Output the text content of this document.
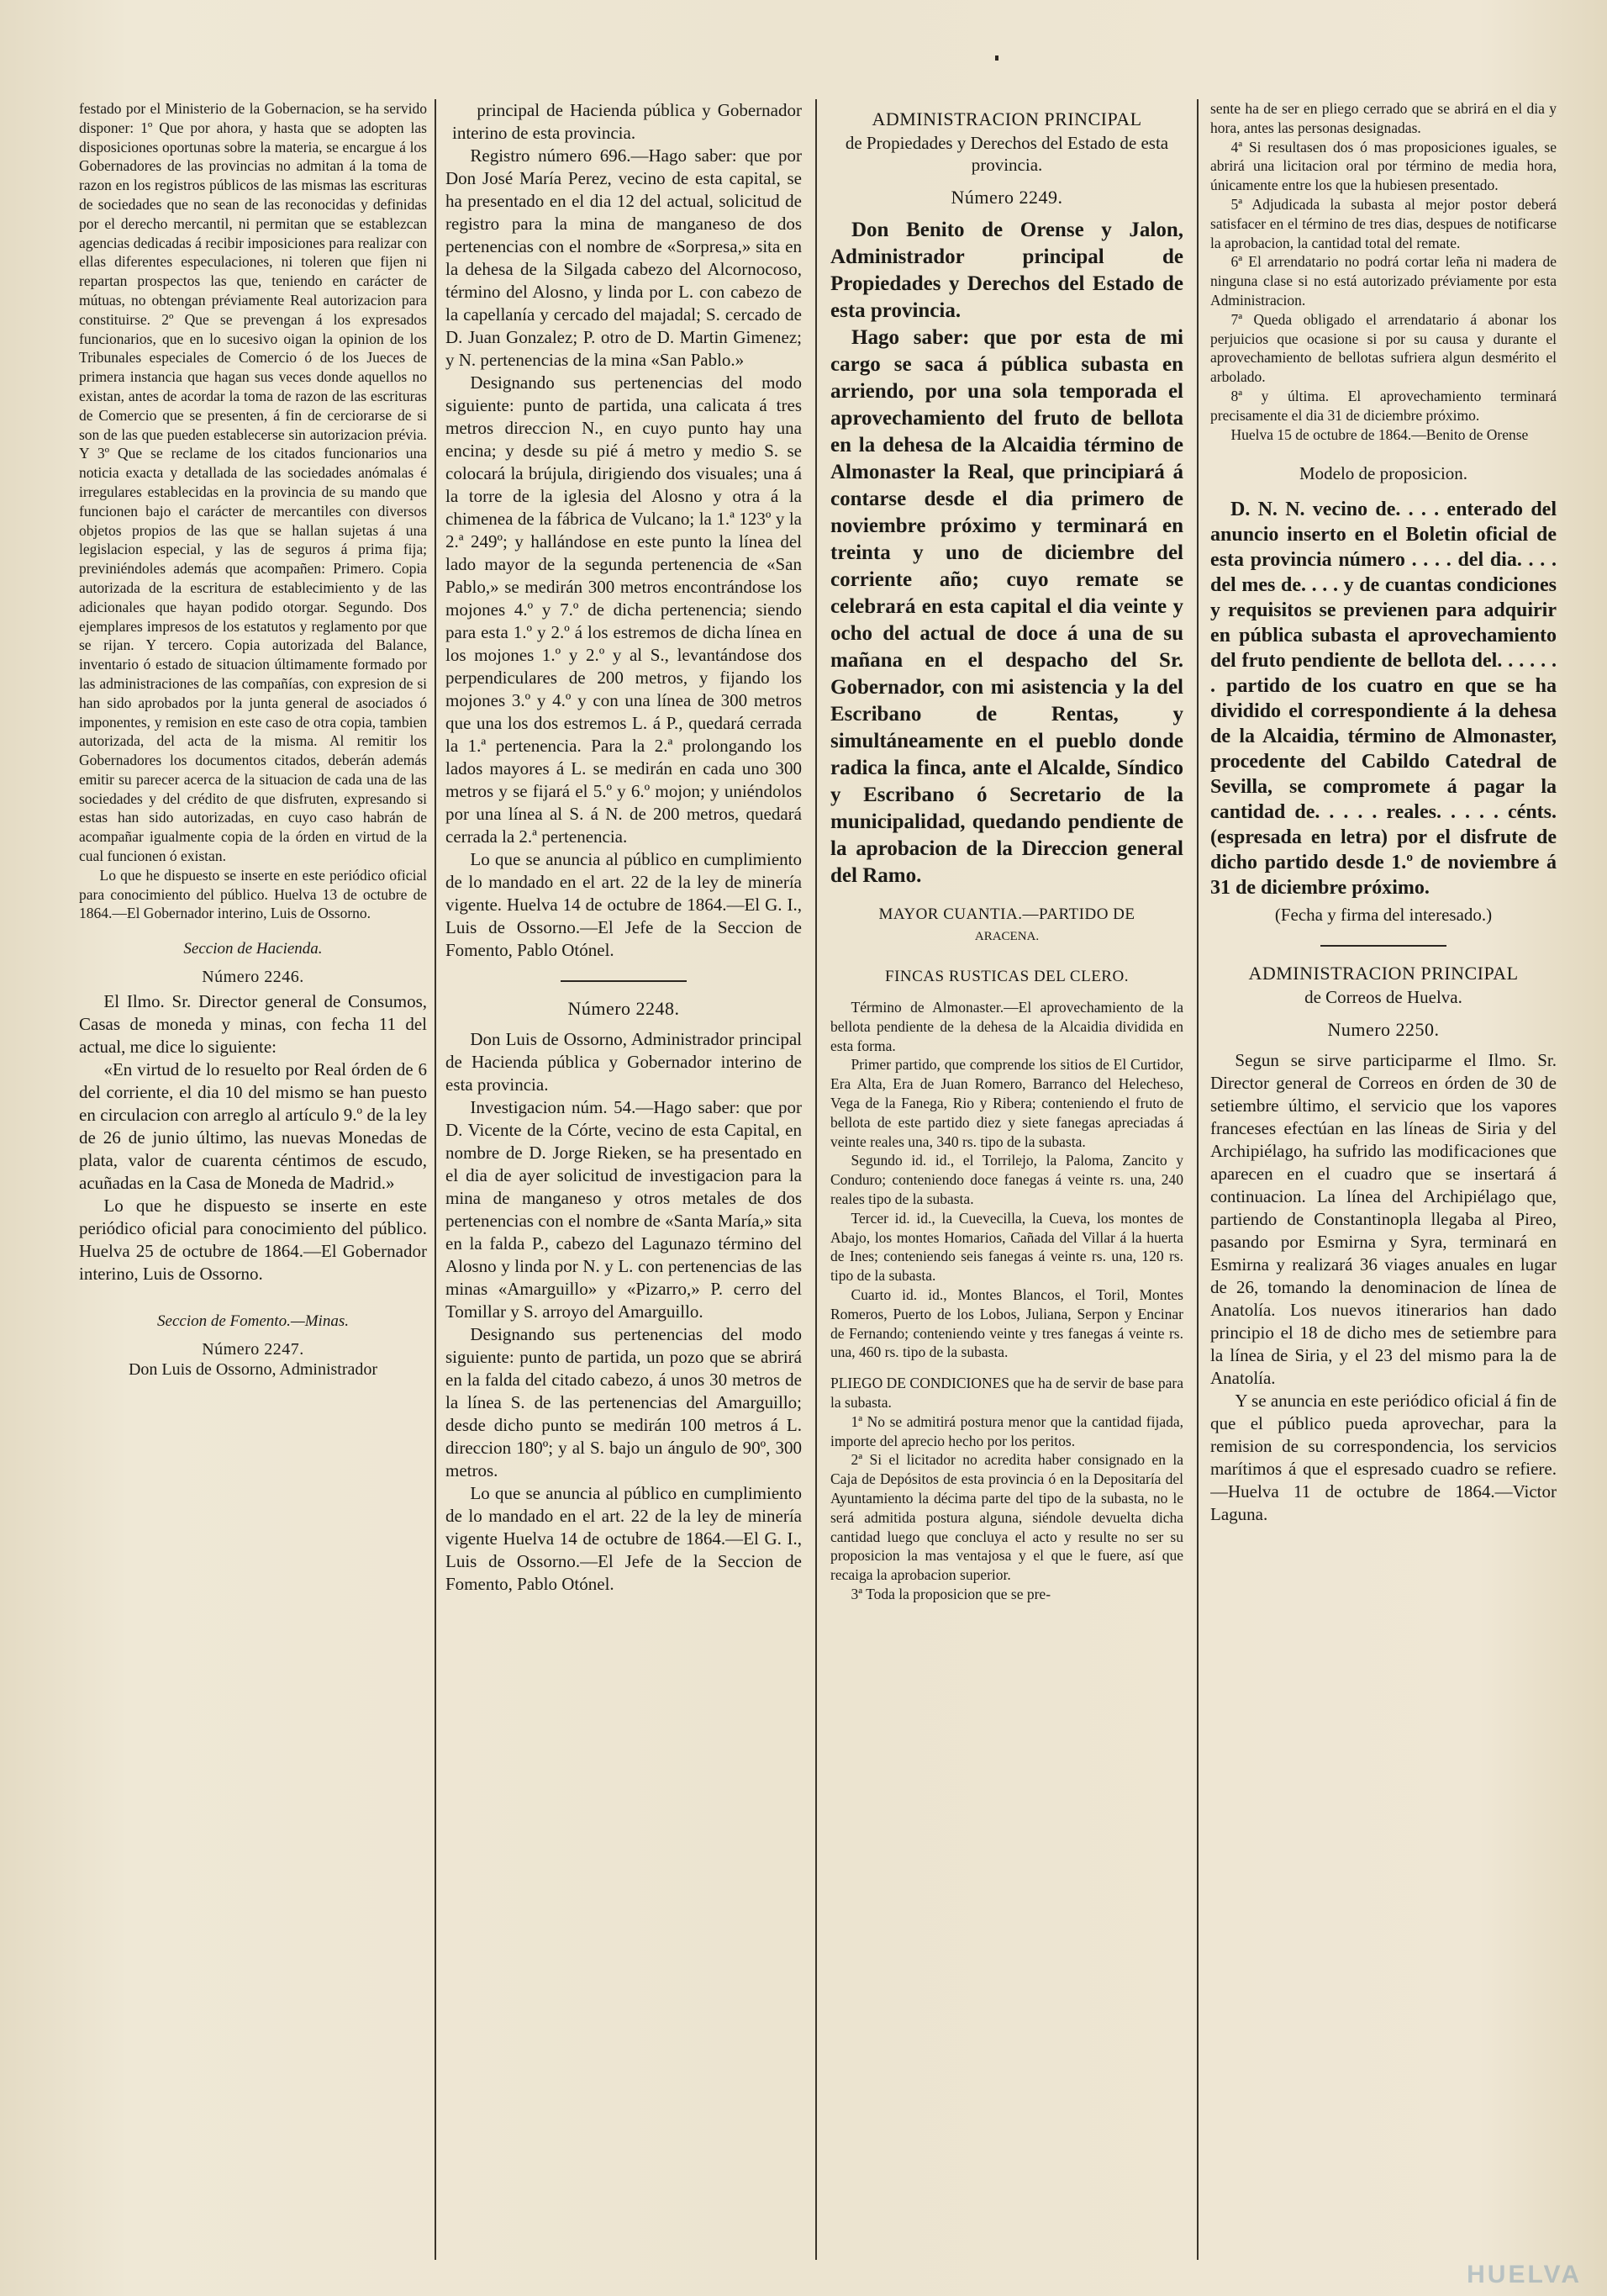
festado por el Ministerio de la Gobernacion, se ha servido disponer: 1º Que por ahora, y hasta que se adopten las disposiciones oportunas sobre la materia, se encargue á los Gobernadores de las provincias no admitan á la toma de razon en los registros públicos de las mismas las escrituras de sociedades que no sean de las reconocidas y definidas por el derecho mercantil, ni permitan que se establezcan agencias dedicadas á recibir imposiciones para realizar con ellas diferentes especulaciones, ni toleren que fijen ni repartan prospectos las que, teniendo en carácter de mútuas, no obtengan préviamente Real autorizacion para constituirse. 2º Que se prevengan á los expresados funcionarios, que en lo sucesivo oigan la opinion de los Tribunales especiales de Comercio ó de los Jueces de primera instancia que hagan sus veces donde aquellos no existan, antes de acordar la toma de razon de las escrituras de Comercio que se presenten, á fin de cerciorarse de si son de las que pueden establecerse sin autorizacion prévia. Y 3º Que se reclame de los citados funcionarios una noticia exacta y detallada de las sociedades anómalas é irregulares establecidas en la provincia de su mando que funcionen bajo el carácter de mercantiles con diversos objetos propios de las que se hallan sujetas á una legislacion especial, y las de seguros á prima fija; previniéndoles además que acompañen: Primero. Copia autorizada de la escritura de establecimiento y de las adicionales que hayan podido otorgar. Segundo. Dos ejemplares impresos de los estatutos y reglamento por que se rijan. Y tercero. Copia autorizada del Balance, inventario ó estado de situacion últimamente formado por las administraciones de las compañías, con expresion de si han sido aprobados por la junta general de asociados ó imponentes, y remision en este caso de otra copia, tambien autorizada, del acta de la misma. Al remitir los Gobernadores los documentos citados, deberán además emitir su parecer acerca de la situacion de cada una de las sociedades y del crédito de que disfruten, expresando si estas han sido autorizadas, en cuyo caso habrán de acompañar igualmente copia de la órden en virtud de la cual funcionen ó existan.

Lo que he dispuesto se inserte en este periódico oficial para conocimiento del público. Huelva 13 de octubre de 1864.—El Gobernador interino, Luis de Ossorno.

Seccion de Hacienda.
Número 2246.

El Ilmo. Sr. Director general de Consumos, Casas de moneda y minas, con fecha 11 del actual, me dice lo siguiente:

«En virtud de lo resuelto por Real órden de 6 del corriente, el dia 10 del mismo se han puesto en circulacion con arreglo al artículo 9.º de la ley de 26 de junio último, las nuevas Monedas de plata, valor de cuarenta céntimos de escudo, acuñadas en la Casa de Moneda de Madrid.»

Lo que he dispuesto se inserte en este periódico oficial para conocimiento del público. Huelva 25 de octubre de 1864.—El Gobernador interino, Luis de Ossorno.

Seccion de Fomento.—Minas.
Número 2247.
Don Luis de Ossorno, Administrador

principal de Hacienda pública y Gobernador interino de esta provincia.

Registro número 696.—Hago saber: que por Don José María Perez, vecino de esta capital, se ha presentado en el dia 12 del actual, solicitud de registro para la mina de manganeso de dos pertenencias con el nombre de «Sorpresa,» sita en la dehesa de la Silgada cabezo del Alcornocoso, término del Alosno, y linda por L. con cabezo de la capellanía y cercado del majadal; S. cercado de D. Juan Gonzalez; P. otro de D. Martin Gimenez; y N. pertenencias de la mina «San Pablo.»

Designando sus pertenencias del modo siguiente: punto de partida, una calicata á tres metros direccion N., en cuyo punto hay una encina; y desde su pié á metro y medio S. se colocará la brújula, dirigiendo dos visuales; una á la torre de la iglesia del Alosno y otra á la chimenea de la fábrica de Vulcano; la 1.ª 123º y la 2.ª 249º; y hallándose en este punto la línea del lado mayor de la segunda pertenencia de «San Pablo,» se medirán 300 metros encontrándose los mojones 4.º y 7.º de dicha pertenencia; siendo para esta 1.º y 2.º á los estremos de dicha línea en los mojones 1.º y 2.º y al S., levantándose dos perpendiculares de 200 metros, y fijando los mojones 3.º y 4.º y con una línea de 300 metros que una los dos estremos L. á P., quedará cerrada la 1.ª pertenencia. Para la 2.ª prolongando los lados mayores á L. se medirán en cada uno 300 metros y se fijará el 5.º y 6.º mojon; y uniéndolos por una línea al S. á N. de 200 metros, quedará cerrada la 2.ª pertenencia.

Lo que se anuncia al público en cumplimiento de lo mandado en el art. 22 de la ley de minería vigente. Huelva 14 de octubre de 1864.—El G. I., Luis de Ossorno.—El Jefe de la Seccion de Fomento, Pablo Otónel.

Número 2248.

Don Luis de Ossorno, Administrador principal de Hacienda pública y Gobernador interino de esta provincia.

Investigacion núm. 54.—Hago saber: que por D. Vicente de la Córte, vecino de esta Capital, en nombre de D. Jorge Rieken, se ha presentado en el dia de ayer solicitud de investigacion para la mina de manganeso y otros metales de dos pertenencias con el nombre de «Santa María,» sita en la falda P., cabezo del Lagunazo término del Alosno y linda por N. y L. con pertenencias de las minas «Amarguillo» y «Pizarro,» P. cerro del Tomillar y S. arroyo del Amarguillo.

Designando sus pertenencias del modo siguiente: punto de partida, un pozo que se abrirá en la falda del citado cabezo, á unos 30 metros de la línea S. de las pertenencias del Amarguillo; desde dicho punto se medirán 100 metros á L. direccion 180º; y al S. bajo un ángulo de 90º, 300 metros.

Lo que se anuncia al público en cumplimiento de lo mandado en el art. 22 de la ley de minería vigente Huelva 14 de octubre de 1864.—El G. I., Luis de Ossorno.—El Jefe de la Seccion de Fomento, Pablo Otónel.

ADMINISTRACION PRINCIPAL
de Propiedades y Derechos del Estado de esta provincia.
Número 2249.

Don Benito de Orense y Jalon, Administrador principal de Propiedades y Derechos del Estado de esta provincia.

Hago saber: que por esta de mi cargo se saca á pública subasta en arriendo, por una sola temporada el aprovechamiento del fruto de bellota en la dehesa de la Alcaidia término de Almonaster la Real, que principiará á contarse desde el dia primero de noviembre próximo y terminará en treinta y uno de diciembre del corriente año; cuyo remate se celebrará en esta capital el dia veinte y ocho del actual de doce á una de su mañana en el despacho del Sr. Gobernador, con mi asistencia y la del Escribano de Rentas, y simultáneamente en el pueblo donde radica la finca, ante el Alcalde, Síndico y Escribano ó Secretario de la municipalidad, quedando pendiente de la aprobacion de la Direccion general del Ramo.

MAYOR CUANTIA.—PARTIDO DE
ARACENA.
FINCAS RUSTICAS DEL CLERO.

Término de Almonaster.—El aprovechamiento de la bellota pendiente de la dehesa de la Alcaidia dividida en esta forma.

Primer partido, que comprende los sitios de El Curtidor, Era Alta, Era de Juan Romero, Barranco del Helecheso, Vega de la Fanega, Rio y Ribera; conteniendo el fruto de bellota de este partido diez y siete fanegas apreciadas á veinte reales una, 340 rs. tipo de la subasta.

Segundo id. id., el Torrilejo, la Paloma, Zancito y Conduro; conteniendo doce fanegas á veinte rs. una, 240 reales tipo de la subasta.

Tercer id. id., la Cuevecilla, la Cueva, los montes de Abajo, los montes Homarios, Cañada del Villar á la huerta de Ines; conteniendo seis fanegas á veinte rs. una, 120 rs. tipo de la subasta.

Cuarto id. id., Montes Blancos, el Toril, Montes Romeros, Puerto de los Lobos, Juliana, Serpon y Encinar de Fernando; conteniendo veinte y tres fanegas á veinte rs. una, 460 rs. tipo de la subasta.

PLIEGO DE CONDICIONES que ha de servir de base para la subasta.

1ª No se admitirá postura menor que la cantidad fijada, importe del aprecio hecho por los peritos.

2ª Si el licitador no acredita haber consignado en la Caja de Depósitos de esta provincia ó en la Depositaría del Ayuntamiento la décima parte del tipo de la subasta, no le será admitida postura alguna, siéndole devuelta dicha cantidad luego que concluya el acto y resulte no ser su proposicion la mas ventajosa y el que le fuere, así que recaiga la aprobacion superior.

3ª Toda la proposicion que se pre-

sente ha de ser en pliego cerrado que se abrirá en el dia y hora, antes las personas designadas.

4ª Si resultasen dos ó mas proposiciones iguales, se abrirá una licitacion oral por término de media hora, únicamente entre los que la hubiesen presentado.

5ª Adjudicada la subasta al mejor postor deberá satisfacer en el término de tres dias, despues de notificarse la aprobacion, la cantidad total del remate.

6ª El arrendatario no podrá cortar leña ni madera de ninguna clase si no está autorizado préviamente por esta Administracion.

7ª Queda obligado el arrendatario á abonar los perjuicios que ocasione si por su causa y durante el aprovechamiento de bellotas sufriera algun desmérito el arbolado.

8ª y última. El aprovechamiento terminará precisamente el dia 31 de diciembre próximo.

Huelva 15 de octubre de 1864.—Benito de Orense

Modelo de proposicion.

D. N. N. vecino de. . . . enterado del anuncio inserto en el Boletin oficial de esta provincia número . . . . del dia. . . . del mes de. . . . y de cuantas condiciones y requisitos se previenen para adquirir en pública subasta el aprovechamiento del fruto pendiente de bellota del. . . . . . . partido de los cuatro en que se ha dividido el correspondiente á la dehesa de la Alcaidia, término de Almonaster, procedente del Cabildo Catedral de Sevilla, se compromete á pagar la cantidad de. . . . . reales. . . . . cénts. (espresada en letra) por el disfrute de dicho partido desde 1.º de noviembre á 31 de diciembre próximo.

(Fecha y firma del interesado.)
ADMINISTRACION PRINCIPAL
de Correos de Huelva.
Numero 2250.

Segun se sirve participarme el Ilmo. Sr. Director general de Correos en órden de 30 de setiembre último, el servicio que los vapores franceses efectúan en las líneas de Siria y del Archipiélago, ha sufrido las modificaciones que aparecen en el cuadro que se insertará á continuacion. La línea del Archipiélago que, partiendo de Constantinopla llegaba al Pireo, pasando por Esmirna y Syra, terminará en Esmirna y realizará 36 viages anuales en lugar de 26, tomando la denominacion de línea de Anatolía. Los nuevos itinerarios han dado principio el 18 de dicho mes de setiembre para la línea de Siria, y el 23 del mismo para la de Anatolía.

Y se anuncia en este periódico oficial á fin de que el público pueda aprovechar, para la remision de su correspondencia, los servicios marítimos á que el espresado cuadro se refiere.—Huelva 11 de octubre de 1864.—Victor Laguna.

HUELVA
